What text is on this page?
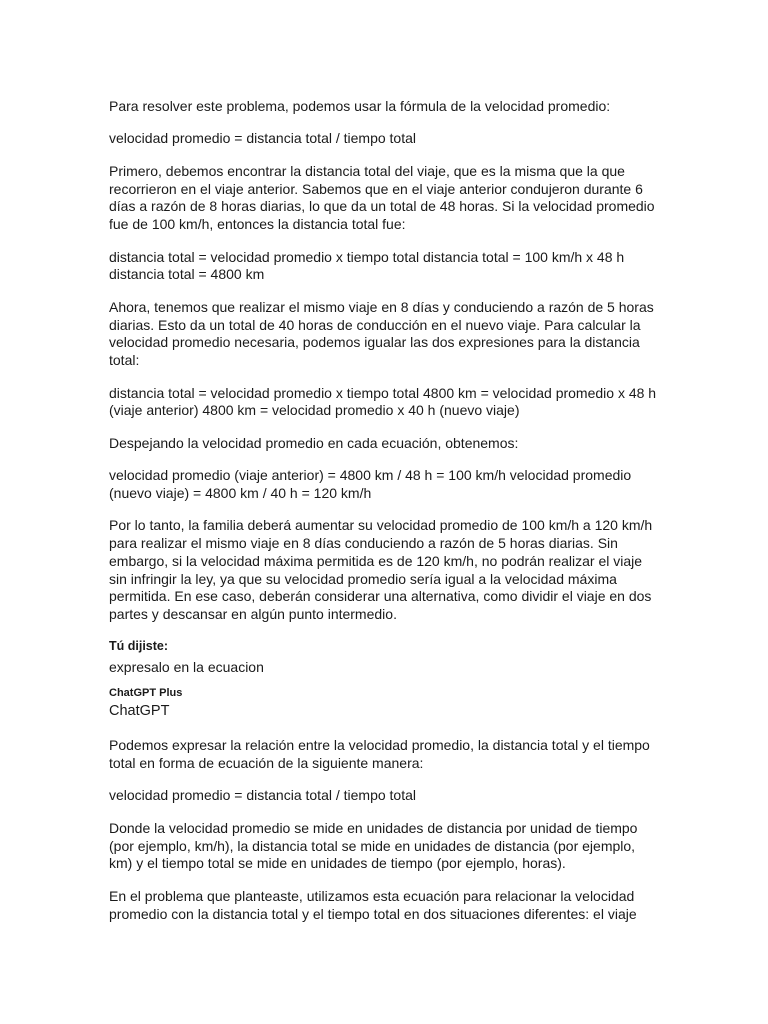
Para resolver este problema, podemos usar la fórmula de la velocidad promedio:

velocidad promedio = distancia total / tiempo total

Primero, debemos encontrar la distancia total del viaje, que es la misma que la que recorrieron en el viaje anterior. Sabemos que en el viaje anterior condujeron durante 6 días a razón de 8 horas diarias, lo que da un total de 48 horas. Si la velocidad promedio fue de 100 km/h, entonces la distancia total fue:

distancia total = velocidad promedio x tiempo total distancia total = 100 km/h x 48 h distancia total = 4800 km

Ahora, tenemos que realizar el mismo viaje en 8 días y conduciendo a razón de 5 horas diarias. Esto da un total de 40 horas de conducción en el nuevo viaje. Para calcular la velocidad promedio necesaria, podemos igualar las dos expresiones para la distancia total:

distancia total = velocidad promedio x tiempo total 4800 km = velocidad promedio x 48 h (viaje anterior) 4800 km = velocidad promedio x 40 h (nuevo viaje)

Despejando la velocidad promedio en cada ecuación, obtenemos:

velocidad promedio (viaje anterior) = 4800 km / 48 h = 100 km/h velocidad promedio (nuevo viaje) = 4800 km / 40 h = 120 km/h

Por lo tanto, la familia deberá aumentar su velocidad promedio de 100 km/h a 120 km/h para realizar el mismo viaje en 8 días conduciendo a razón de 5 horas diarias. Sin embargo, si la velocidad máxima permitida es de 120 km/h, no podrán realizar el viaje sin infringir la ley, ya que su velocidad promedio sería igual a la velocidad máxima permitida. En ese caso, deberán considerar una alternativa, como dividir el viaje en dos partes y descansar en algún punto intermedio.

Tú dijiste:

expresalo en la ecuacion

ChatGPT Plus

ChatGPT

Podemos expresar la relación entre la velocidad promedio, la distancia total y el tiempo total en forma de ecuación de la siguiente manera:

velocidad promedio = distancia total / tiempo total

Donde la velocidad promedio se mide en unidades de distancia por unidad de tiempo (por ejemplo, km/h), la distancia total se mide en unidades de distancia (por ejemplo, km) y el tiempo total se mide en unidades de tiempo (por ejemplo, horas).

En el problema que planteaste, utilizamos esta ecuación para relacionar la velocidad promedio con la distancia total y el tiempo total en dos situaciones diferentes: el viaje
